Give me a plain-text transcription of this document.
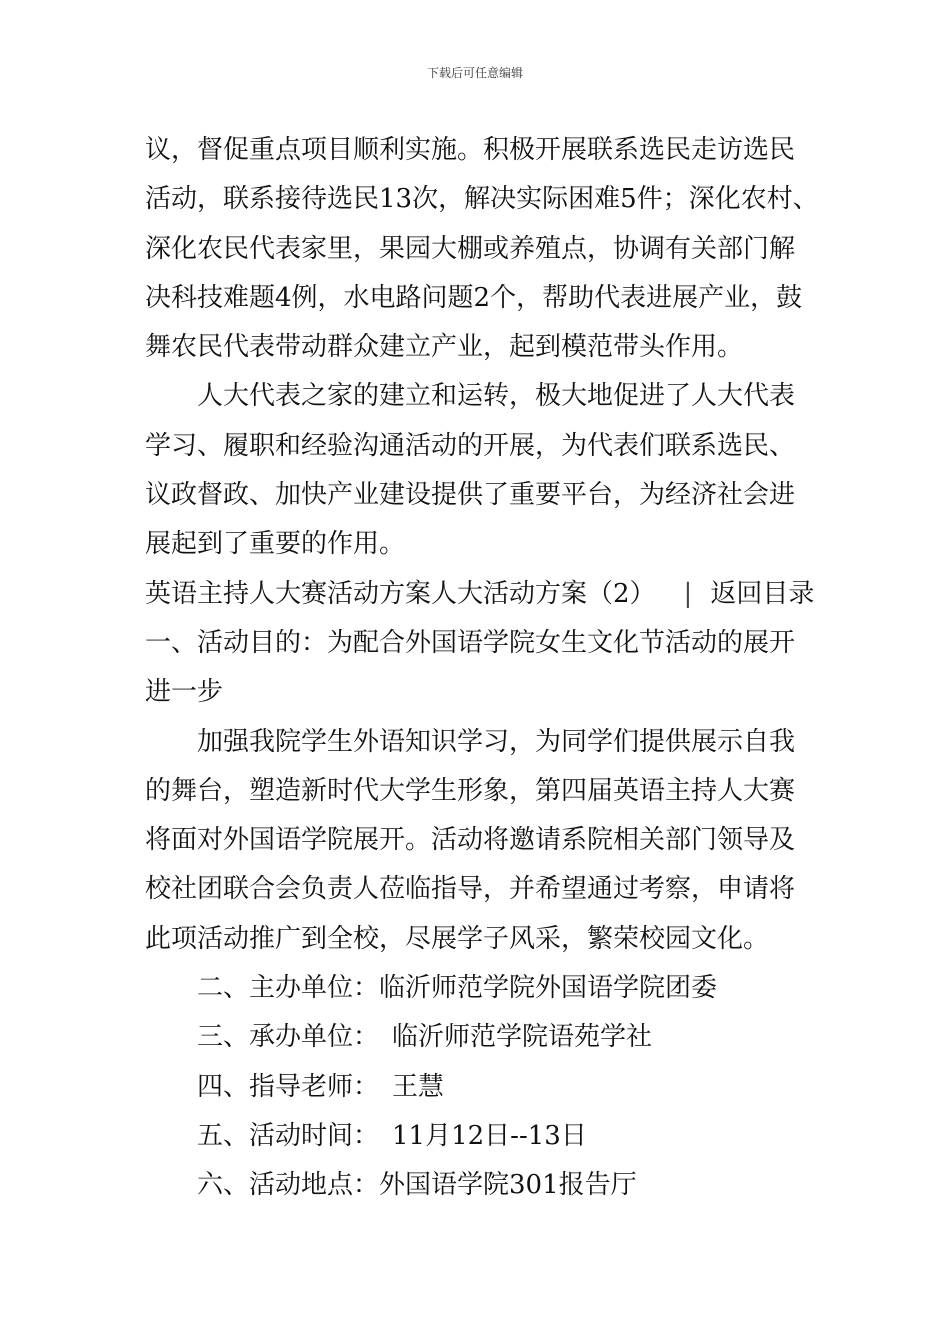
下载后可任意编辑
议，督促重点项目顺利实施。积极开展联系选民走访选民
活动，联系接待选民13次，解决实际困难5件；深化农村、
深化农民代表家里，果园大棚或养殖点，协调有关部门解
决科技难题4例，水电路问题2个，帮助代表进展产业，鼓
舞农民代表带动群众建立产业，起到模范带头作用。
人大代表之家的建立和运转，极大地促进了人大代表
学习、履职和经验沟通活动的开展，为代表们联系选民、
议政督政、加快产业建设提供了重要平台，为经济社会进
展起到了重要的作用。
英语主持人大赛活动方案人大活动方案（2） | 返回目录
一、活动目的：为配合外国语学院女生文化节活动的展开
进一步
加强我院学生外语知识学习，为同学们提供展示自我
的舞台，塑造新时代大学生形象，第四届英语主持人大赛
将面对外国语学院展开。活动将邀请系院相关部门领导及
校社团联合会负责人莅临指导，并希望通过考察，申请将
此项活动推广到全校，尽展学子风采，繁荣校园文化。
二、主办单位：临沂师范学院外国语学院团委
三、承办单位：　临沂师范学院语苑学社
四、指导老师：　王慧
五、活动时间：　11月12日--13日
六、活动地点：外国语学院301报告厅
